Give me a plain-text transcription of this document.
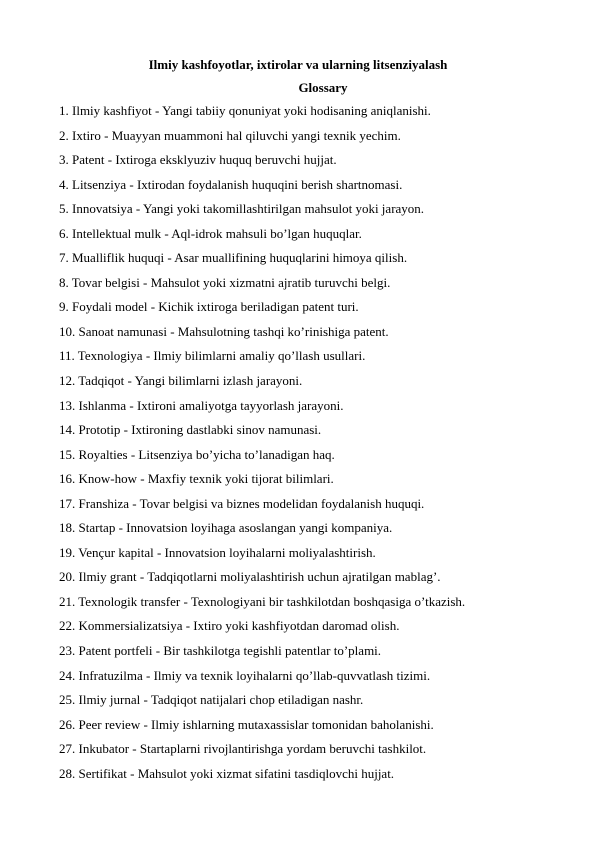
Ilmiy kashfoyotlar, ixtirolar va ularning litsenziyalash
Glossary
1. Ilmiy kashfiyot - Yangi tabiiy qonuniyat yoki hodisaning aniqlanishi.
2. Ixtiro - Muayyan muammoni hal qiluvchi yangi texnik yechim.
3. Patent - Ixtiroga eksklyuziv huquq beruvchi hujjat.
4. Litsenziya - Ixtirodan foydalanish huquqini berish shartnomasi.
5. Innovatsiya - Yangi yoki takomillashtirilgan mahsulot yoki jarayon.
6. Intellektual mulk - Aql-idrok mahsuli bo’lgan huquqlar.
7. Mualliflik huquqi - Asar muallifining huquqlarini himoya qilish.
8. Tovar belgisi - Mahsulot yoki xizmatni ajratib turuvchi belgi.
9. Foydali model - Kichik ixtiroga beriladigan patent turi.
10. Sanoat namunasi - Mahsulotning tashqi ko’rinishiga patent.
11. Texnologiya - Ilmiy bilimlarni amaliy qo’llash usullari.
12. Tadqiqot - Yangi bilimlarni izlash jarayoni.
13. Ishlanma - Ixtironi amaliyotga tayyorlash jarayoni.
14. Prototip - Ixtironing dastlabki sinov namunasi.
15. Royalties - Litsenziya bo’yicha to’lanadigan haq.
16. Know-how - Maxfiy texnik yoki tijorat bilimlari.
17. Franshiza - Tovar belgisi va biznes modelidan foydalanish huquqi.
18. Startap - Innovatsion loyihaga asoslangan yangi kompaniya.
19. Vençur kapital - Innovatsion loyihalarni moliyalashtirish.
20. Ilmiy grant - Tadqiqotlarni moliyalashtirish uchun ajratilgan mablag’.
21. Texnologik transfer - Texnologiyani bir tashkilotdan boshqasiga o’tkazish.
22. Kommersializatsiya - Ixtiro yoki kashfiyotdan daromad olish.
23. Patent portfeli - Bir tashkilotga tegishli patentlar to’plami.
24. Infratuzilma - Ilmiy va texnik loyihalarni qo’llab-quvvatlash tizimi.
25. Ilmiy jurnal - Tadqiqot natijalari chop etiladigan nashr.
26. Peer review - Ilmiy ishlarning mutaxassislar tomonidan baholanishi.
27. Inkubator - Startaplarni rivojlantirishga yordam beruvchi tashkilot.
28. Sertifikat - Mahsulot yoki xizmat sifatini tasdiqlovchi hujjat.
